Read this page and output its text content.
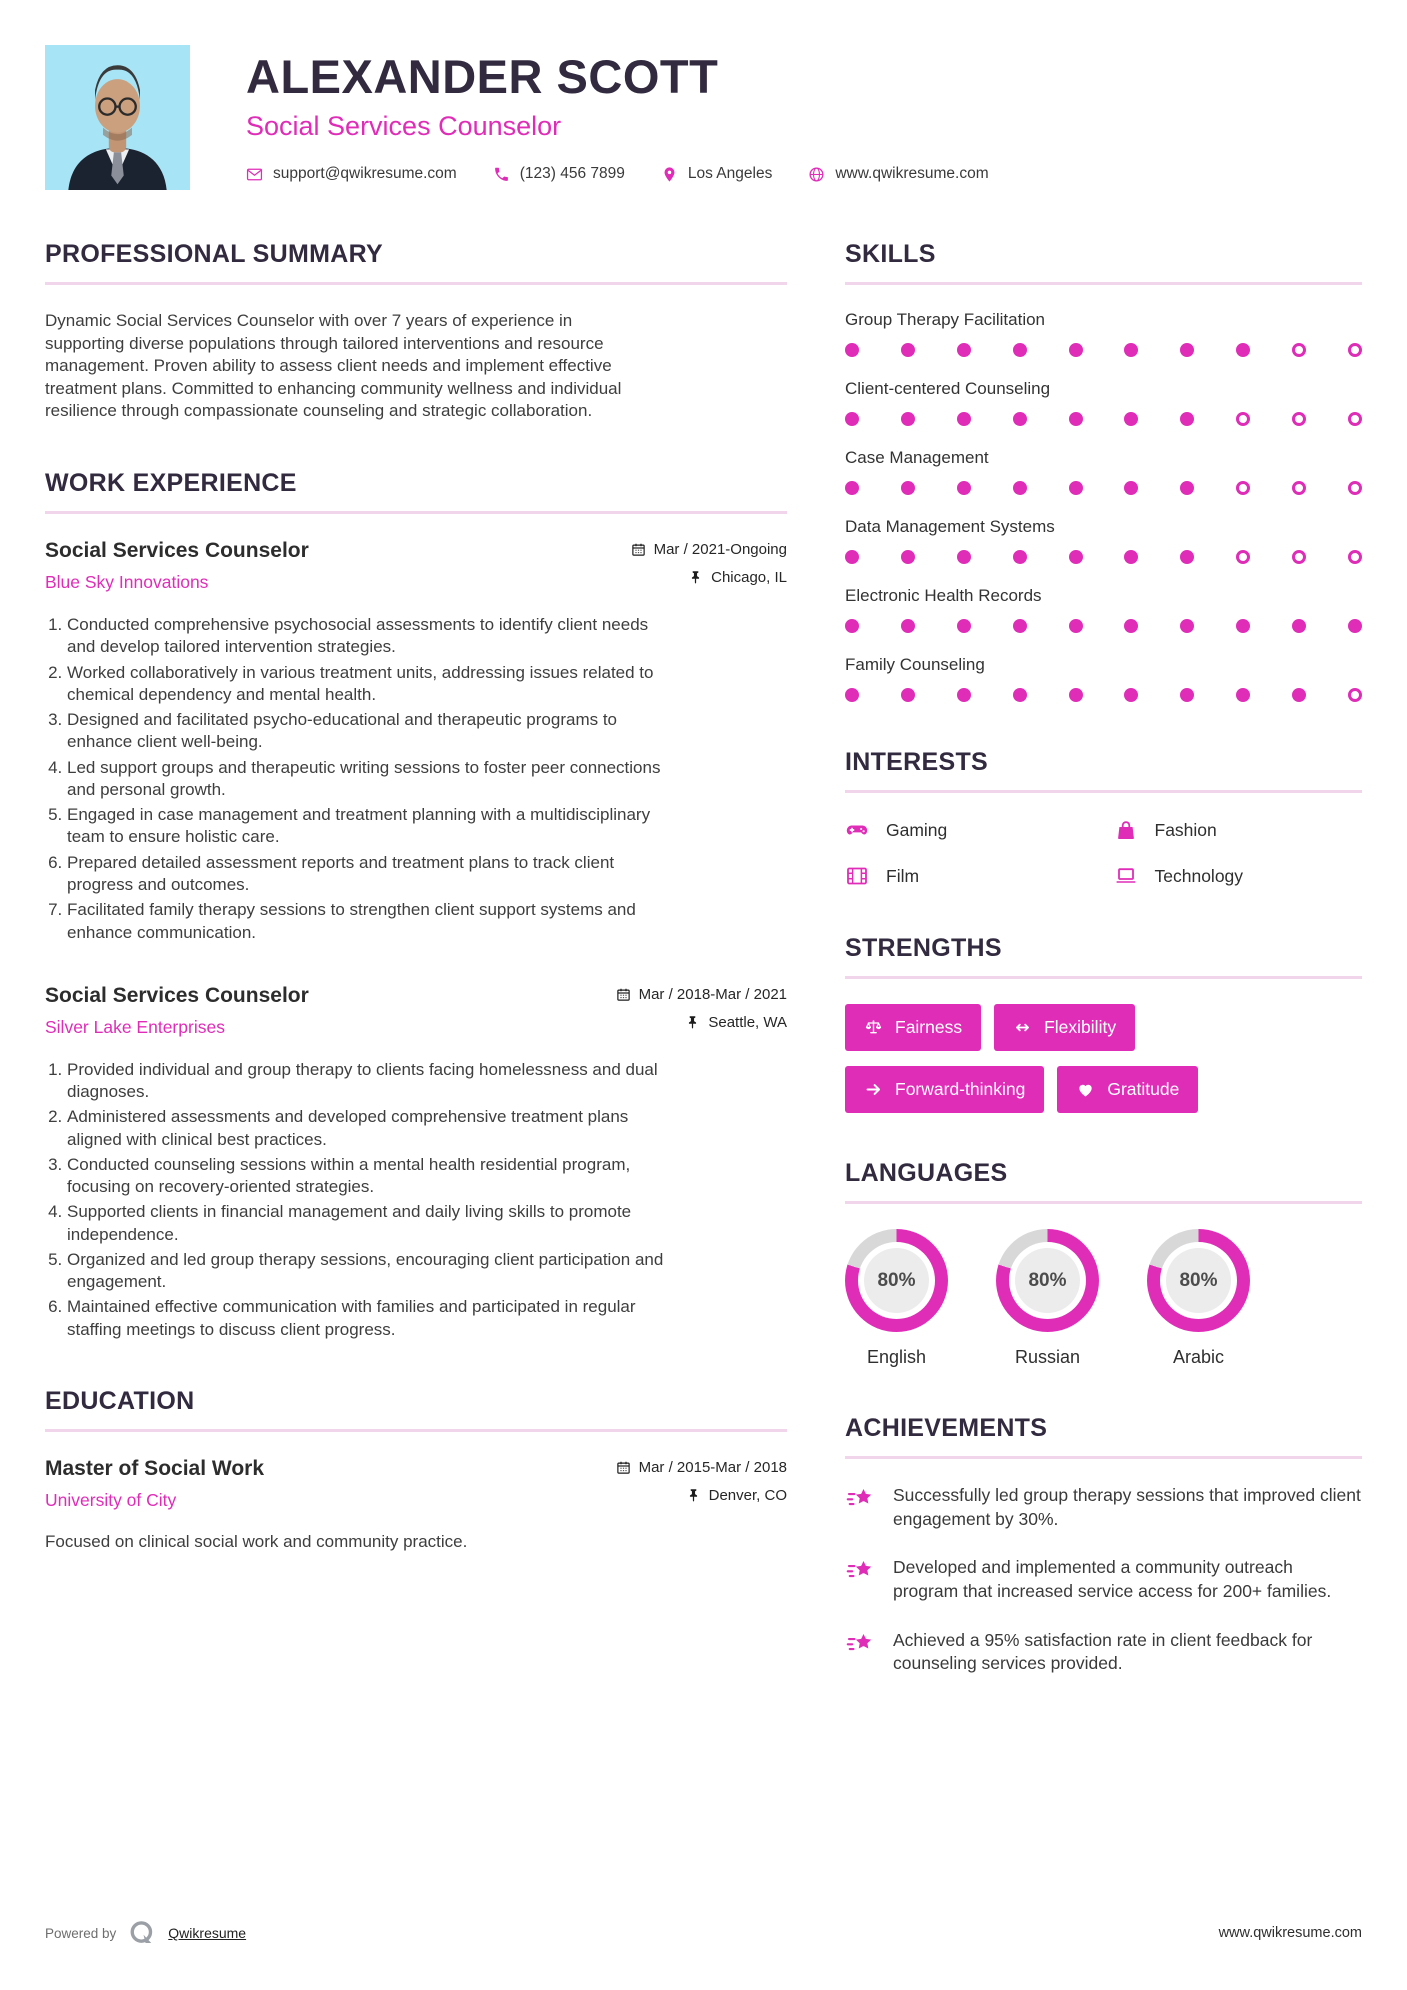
ALEXANDER SCOTT
Social Services Counselor
support@qwikresume.com	(123) 456 7899	Los Angeles	www.qwikresume.com
PROFESSIONAL SUMMARY

Dynamic Social Services Counselor with over 7 years of experience in supporting diverse populations through tailored interventions and resource management. Proven ability to assess client needs and implement effective treatment plans. Committed to enhancing community wellness and individual resilience through compassionate counseling and strategic collaboration.

WORK EXPERIENCE
Social Services Counselor
Blue Sky Innovations
Mar / 2021-Ongoing
Chicago, IL
1. Conducted comprehensive psychosocial assessments to identify client needs and develop tailored intervention strategies.
2. Worked collaboratively in various treatment units, addressing issues related to chemical dependency and mental health.
3. Designed and facilitated psycho-educational and therapeutic programs to enhance client well-being.
4. Led support groups and therapeutic writing sessions to foster peer connections and personal growth.
5. Engaged in case management and treatment planning with a multidisciplinary team to ensure holistic care.
6. Prepared detailed assessment reports and treatment plans to track client progress and outcomes.
7. Facilitated family therapy sessions to strengthen client support systems and enhance communication.
Social Services Counselor
Silver Lake Enterprises
Mar / 2018-Mar / 2021
Seattle, WA
1. Provided individual and group therapy to clients facing homelessness and dual diagnoses.
2. Administered assessments and developed comprehensive treatment plans aligned with clinical best practices.
3. Conducted counseling sessions within a mental health residential program, focusing on recovery-oriented strategies.
4. Supported clients in financial management and daily living skills to promote independence.
5. Organized and led group therapy sessions, encouraging client participation and engagement.
6. Maintained effective communication with families and participated in regular staffing meetings to discuss client progress.
EDUCATION
Master of Social Work
University of City
Mar / 2015-Mar / 2018
Denver, CO
Focused on clinical social work and community practice.
SKILLS
Group Therapy Facilitation
Client-centered Counseling
Case Management
Data Management Systems
Electronic Health Records
Family Counseling
INTERESTS
Gaming	Fashion
Film	Technology
STRENGTHS
Fairness	Flexibility
Forward-thinking	Gratitude
LANGUAGES
80%
English
80%
Russian
80%
Arabic
ACHIEVEMENTS
Successfully led group therapy sessions that improved client engagement by 30%.
Developed and implemented a community outreach program that increased service access for 200+ families.
Achieved a 95% satisfaction rate in client feedback for counseling services provided.
Powered by	Qwikresume	www.qwikresume.com
